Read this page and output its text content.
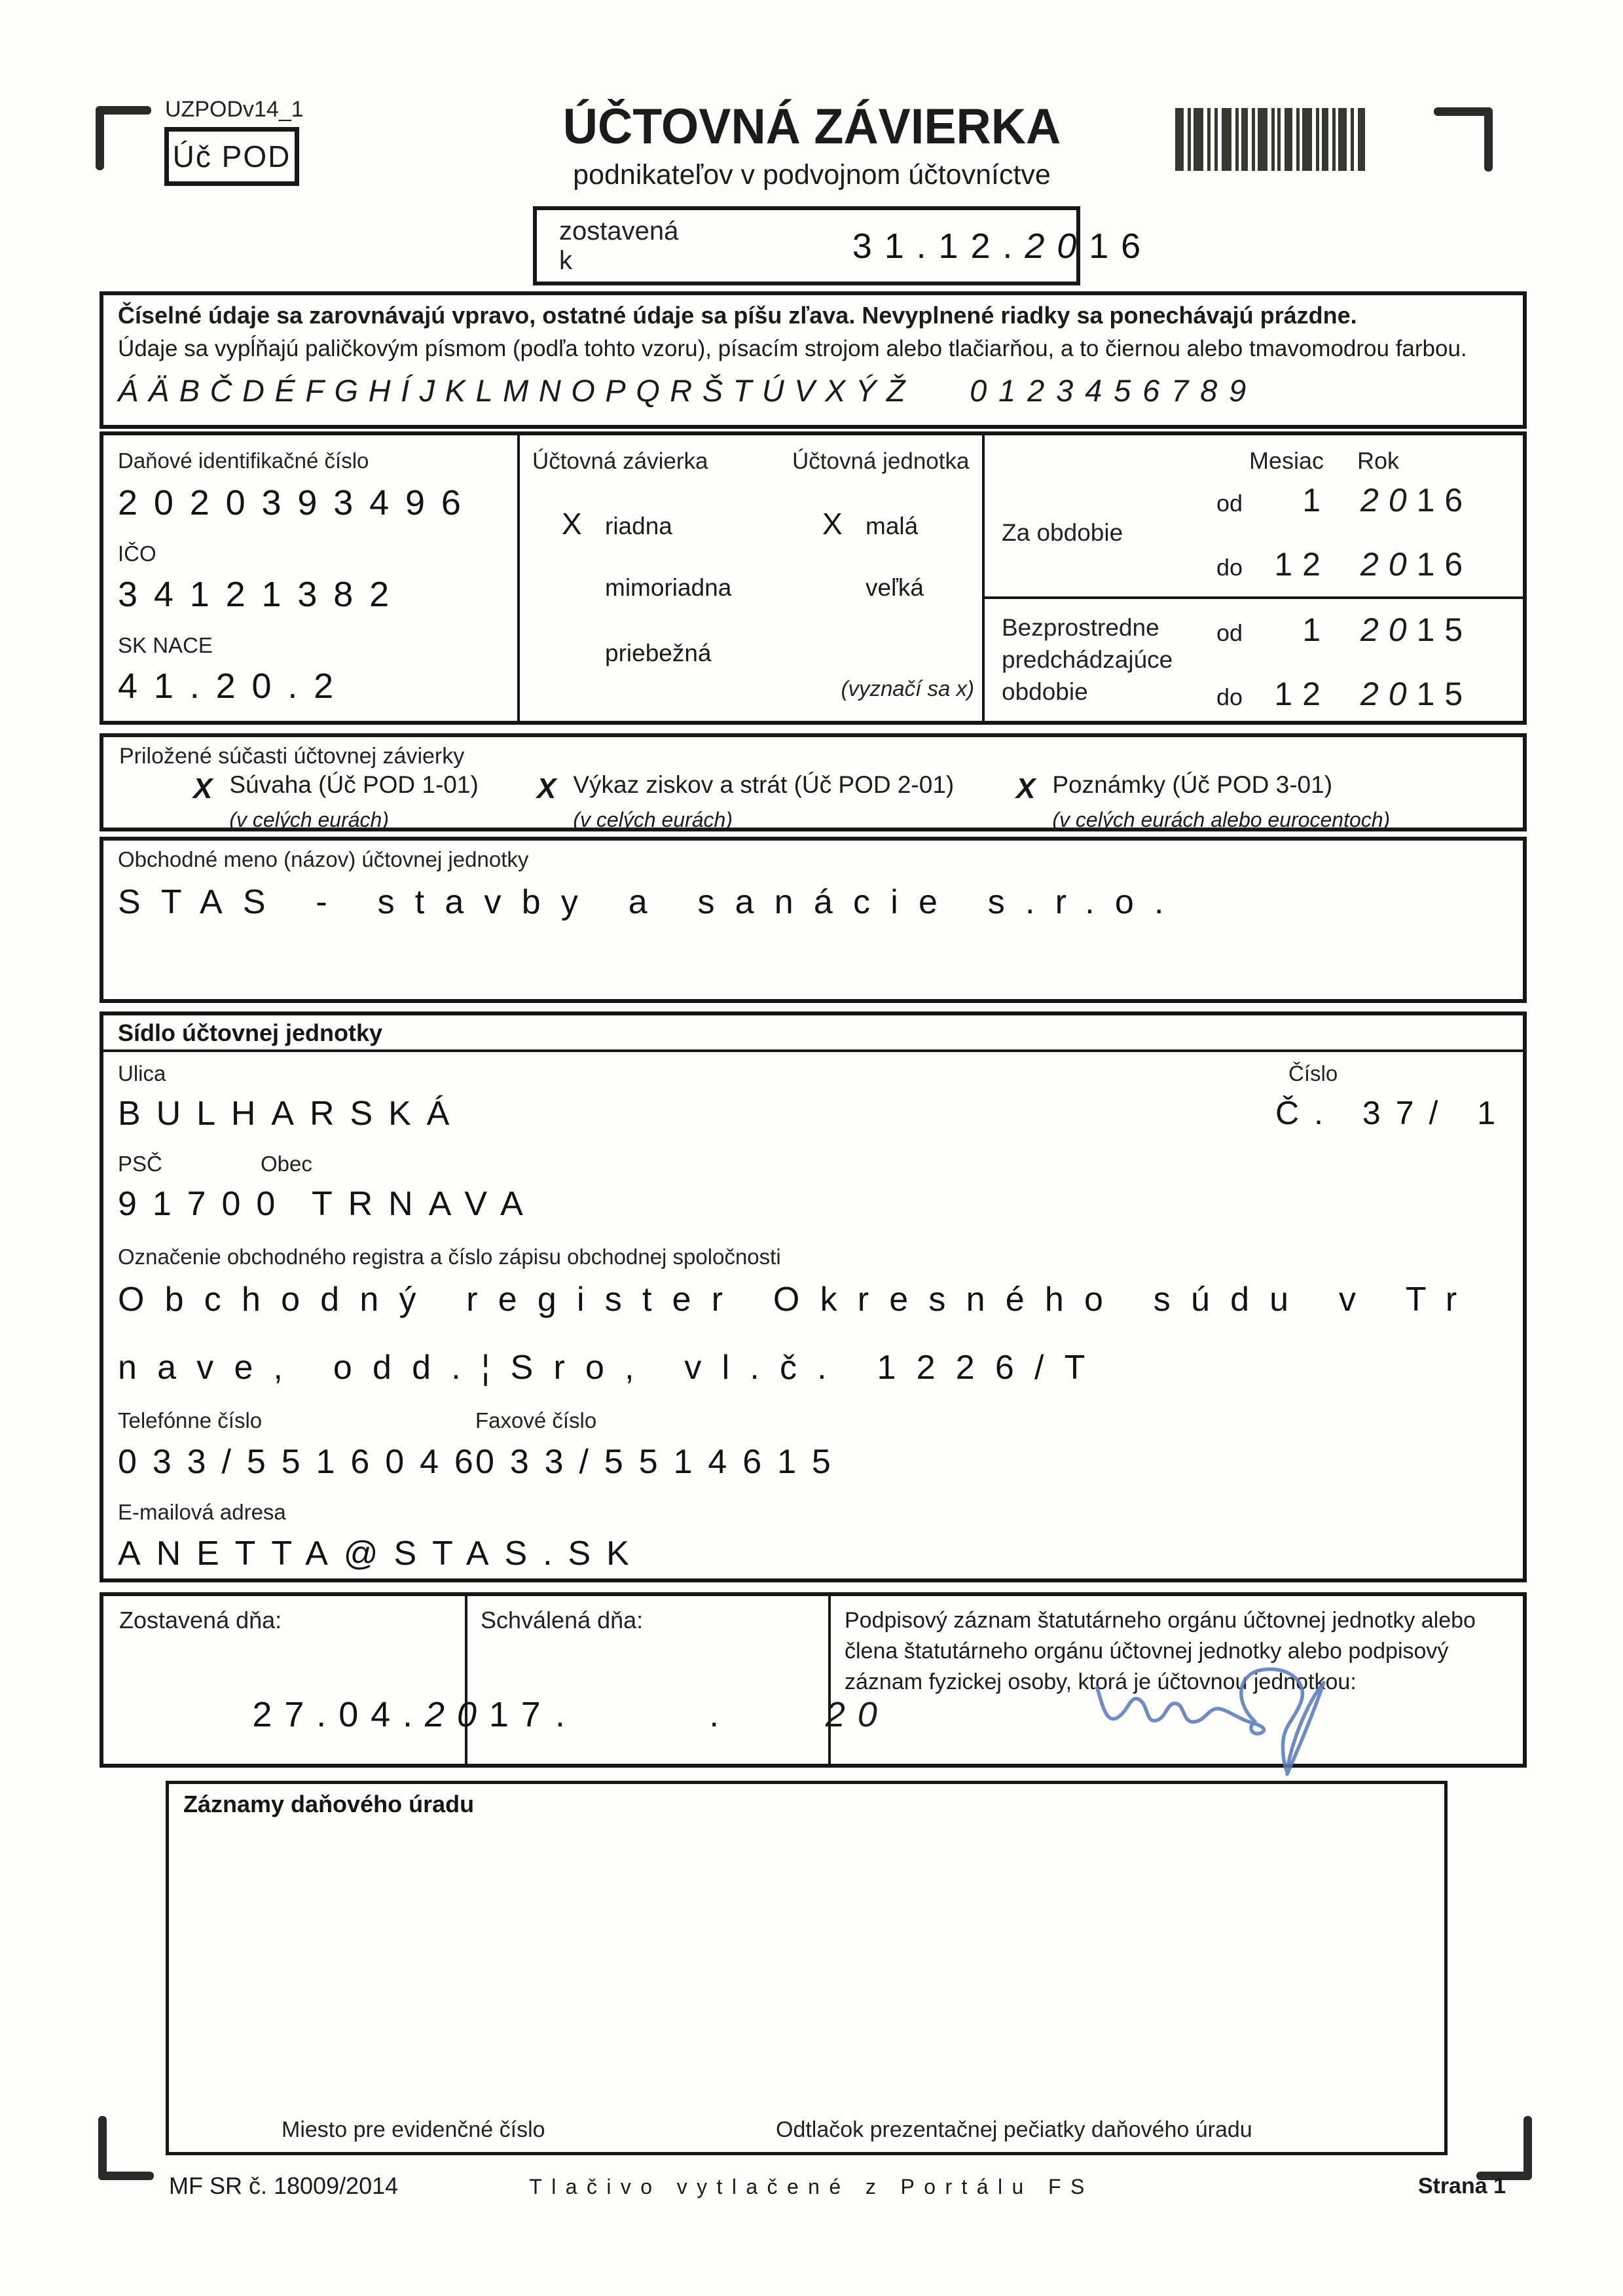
UZPODv14_1
Úč POD
ÚČTOVNÁ ZÁVIERKA
podnikateľov v podvojnom účtovníctve
zostavená k	31.12.2016

Číselné údaje sa zarovnávajú vpravo, ostatné údaje sa píšu zľava. Nevyplnené riadky sa ponechávajú prázdne.
Údaje sa vypĺňajú paličkovým písmom (podľa tohto vzoru), písacím strojom alebo tlačiarňou, a to čiernou alebo tmavomodrou farbou.
ÁÄBČDÉFGHÍJKLMNOPQRŠTÚVXÝŽ 0123456789
Daňové identifikačné číslo
2020393496
IČO
34121382
SK NACE
41.20.2
Účtovná závierka
X riadna
mimoriadna
priebežná
Účtovná jednotka
X malá
veľká
(vyznačí sa x)
Mesiac Rok
Za obdobie
od	1 2016
do 12 2016
Bezprostredne predchádzajúce obdobie
od	1 2015
do 12 2015
Priložené súčasti účtovnej závierky
X Súvaha (Úč POD 1-01)
(v celých eurách)
X Výkaz ziskov a strát (Úč POD 2-01)
(v celých eurách)
X Poznámky (Úč POD 3-01)
(v celých eurách alebo eurocentoch)
Obchodné meno (názov) účtovnej jednotky
STAS - stavby a sanácie s.r.o.
Sídlo účtovnej jednotky
Ulica	Číslo
BULHARSKÁ	Č. 37/ 1
PSČ	Obec
91700 TRNAVA
Označenie obchodného registra a číslo zápisu obchodnej spoločnosti
Obchodný register Okresného súdu v Tr
nave, odd.¦Sro, vl.č. 1226/T
Telefónne číslo	Faxové číslo
033/5516046
033/5514615
E-mailová adresa
ANETTA@STAS.SK
Zostavená dňa:

27.04.2017

Schválená dňa:

. . 20

Podpisový záznam štatutárneho orgánu účtovnej jednotky alebo člena štatutárneho orgánu účtovnej jednotky alebo podpisový záznam fyzickej osoby, ktorá je účtovnou jednotkou:
Záznamy daňového úradu
Miesto pre evidenčné číslo	Odtlačok prezentačnej pečiatky daňového úradu
MF SR č. 18009/2014	Tlačivo vytlačené z Portálu FS	Strana 1
